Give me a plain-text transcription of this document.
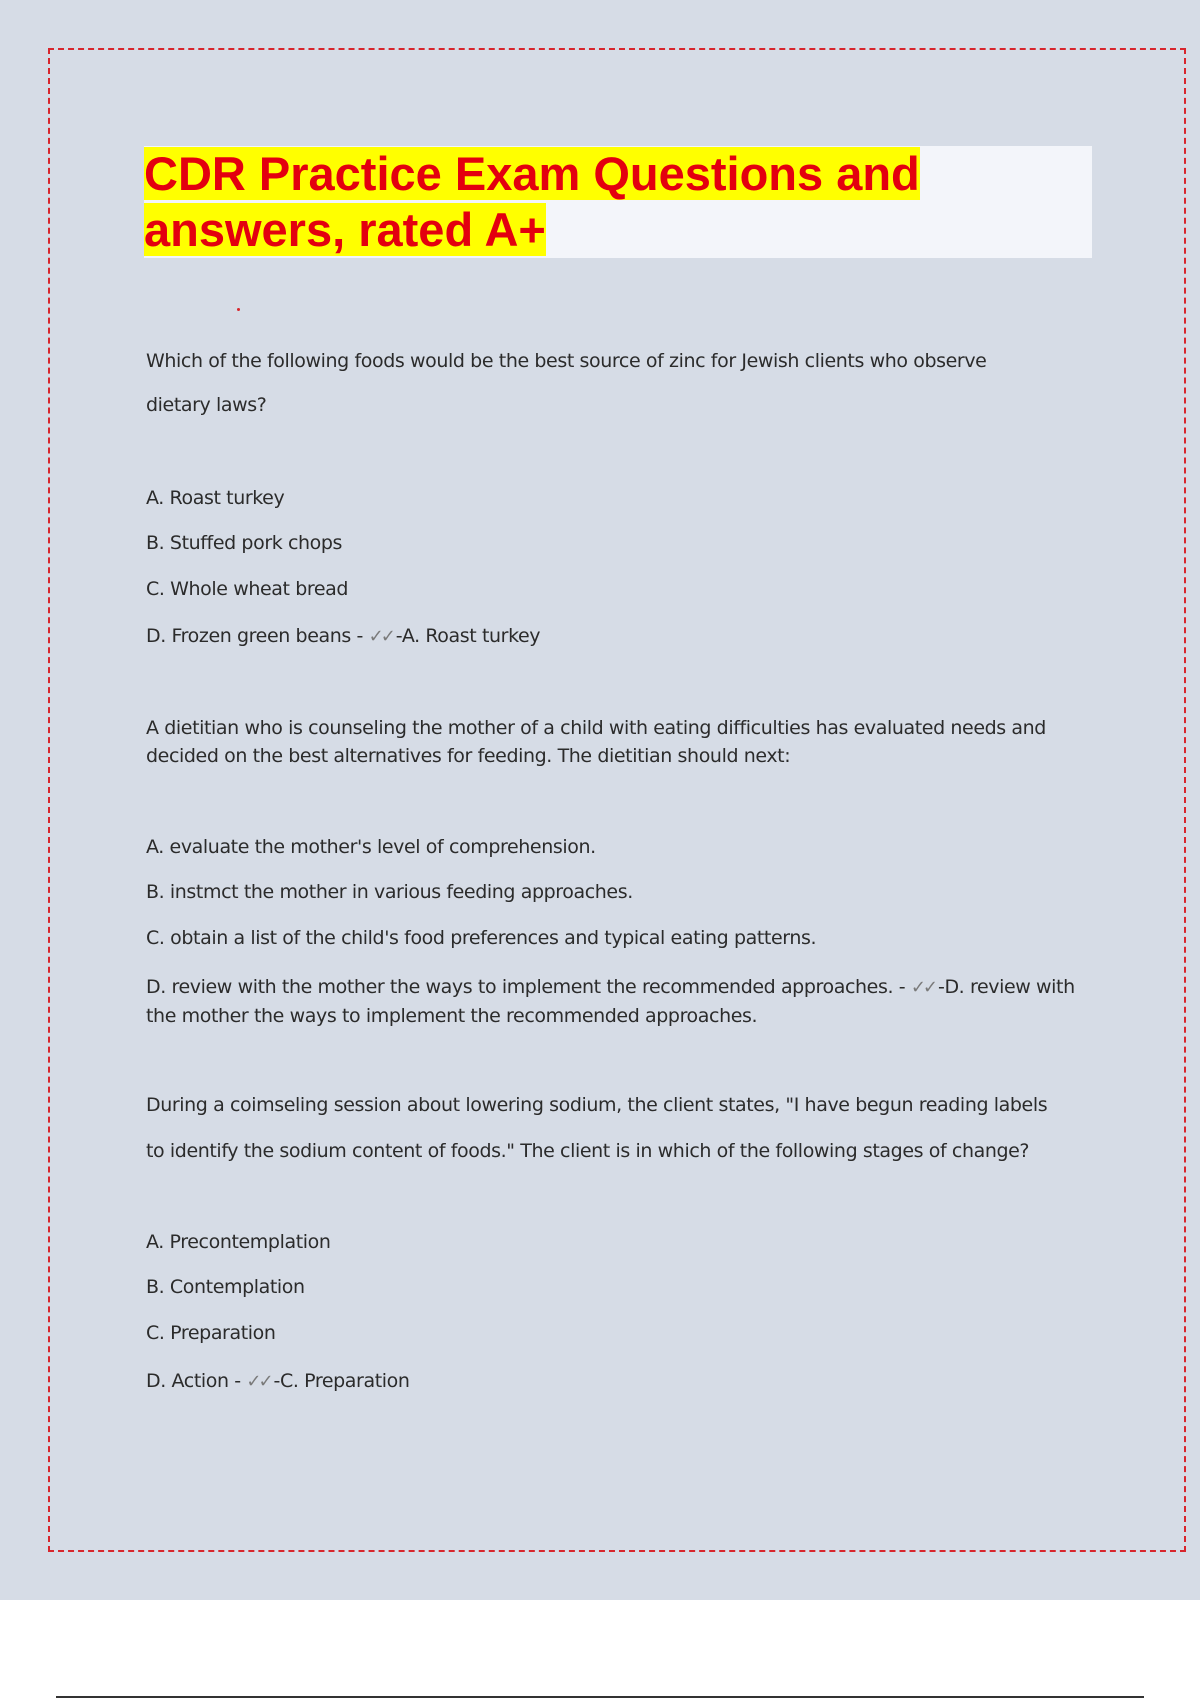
CDR Practice Exam Questions and
answers, rated A+
Which of the following foods would be the best source of zinc for Jewish clients who observe
dietary laws?
A. Roast turkey
B. Stuffed pork chops
C. Whole wheat bread
D. Frozen green beans - ✓✓ -A. Roast turkey
A dietitian who is counseling the mother of a child with eating difficulties has evaluated needs and
decided on the best alternatives for feeding. The dietitian should next:
A. evaluate the mother's level of comprehension.
B. instmct the mother in various feeding approaches.
C. obtain a list of the child's food preferences and typical eating patterns.
D. review with the mother the ways to implement the recommended approaches. - ✓✓ -D. review with the mother the ways to implement the recommended approaches.
During a coimseling session about lowering sodium, the client states, "I have begun reading labels
to identify the sodium content of foods." The client is in which of the following stages of change?
A. Precontemplation
B. Contemplation
C. Preparation
D. Action - ✓✓ -C. Preparation
